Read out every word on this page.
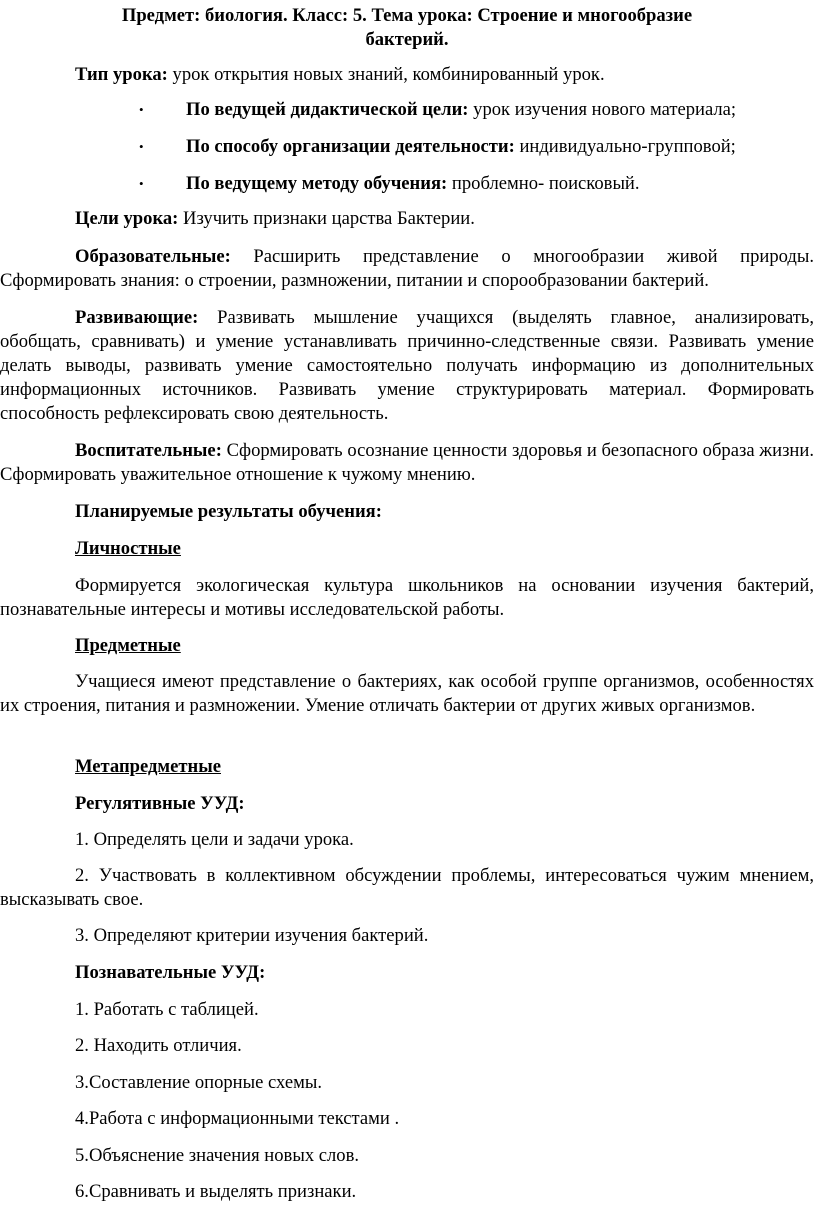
Предмет: биология. Класс: 5. Тема урока: Строение и многообразие
бактерий.

Тип урока: урок открытия новых знаний, комбинированный урок.

• По ведущей дидактической цели: урок изучения нового материала;
• По способу организации деятельности: индивидуально-групповой;
• По ведущему методу обучения: проблемно- поисковый.

Цели урока: Изучить признаки царства Бактерии.

Образовательные: Расширить представление о многообразии живой природы. Сформировать знания: о строении, размножении, питании и спорообразовании бактерий.

Развивающие: Развивать мышление учащихся (выделять главное, анализировать, обобщать, сравнивать) и умение устанавливать причинно-следственные связи. Развивать умение делать выводы, развивать умение самостоятельно получать информацию из дополнительных информационных источников. Развивать умение структурировать материал. Формировать способность рефлексировать свою деятельность.

Воспитательные: Сформировать осознание ценности здоровья и безопасного образа жизни. Сформировать уважительное отношение к чужому мнению.

Планируемые результаты обучения:

Личностные

Формируется экологическая культура школьников на основании изучения бактерий, познавательные интересы и мотивы исследовательской работы.

Предметные

Учащиеся имеют представление о бактериях, как особой группе организмов, особенностях их строения, питания и размножении. Умение отличать бактерии от других живых организмов.

Метапредметные

Регулятивные УУД:

1. Определять цели и задачи урока.

2. Участвовать в коллективном обсуждении проблемы, интересоваться чужим мнением, высказывать свое.

3. Определяют критерии изучения бактерий.

Познавательные УУД:

1. Работать с таблицей.

2. Находить отличия.

3.Составление опорные схемы.

4.Работа с информационными текстами .

5.Объяснение значения новых слов.

6.Сравнивать и выделять признаки.
